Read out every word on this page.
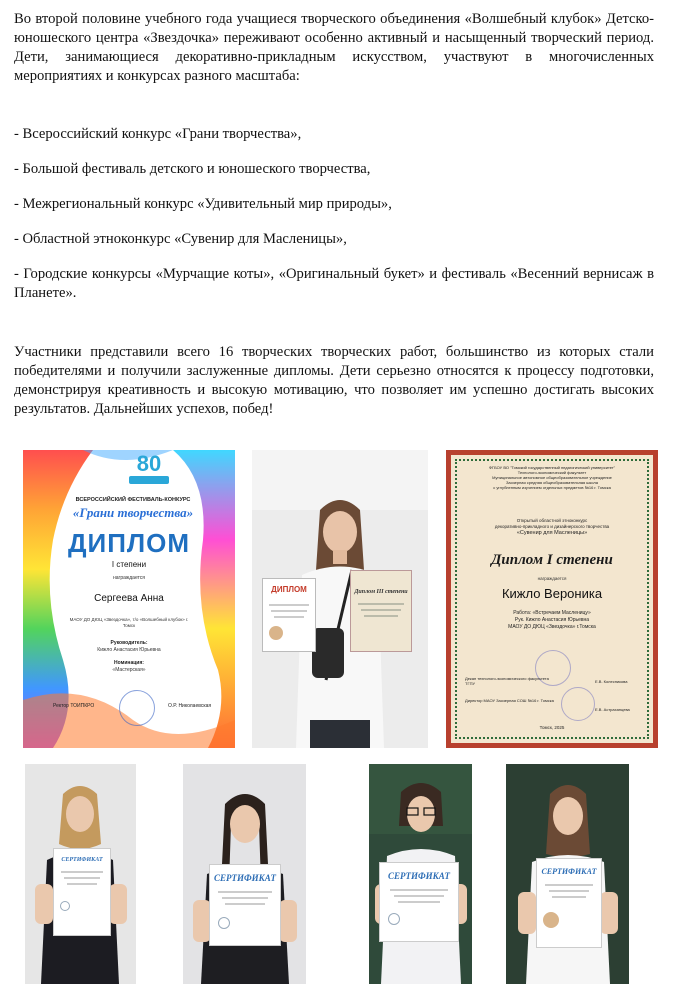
Во второй половине учебного года учащиеся творческого объединения «Волшебный клубок» Детско-юношеского центра «Звездочка» переживают особенно активный и насыщенный творческий период. Дети, занимающиеся декоративно-прикладным искусством, участвуют в многочисленных мероприятиях и конкурсах разного масштаба:
- Всероссийский конкурс «Грани творчества»,
- Большой фестиваль детского и юношеского творчества,
- Межрегиональный конкурс «Удивительный мир природы»,
- Областной этноконкурс «Сувенир для Масленицы»,
- Городские конкурсы «Мурчащие коты», «Оригинальный букет» и фестиваль «Весенний вернисаж в Планете».
Участники представили всего 16 творческих творческих работ, большинство из которых стали победителями и получили заслуженные дипломы. Дети серьезно относятся к процессу подготовки, демонстрируя креативность и высокую мотивацию, что позволяет им успешно достигать высоких результатов. Дальнейших успехов, побед!
80
ВСЕРОССИЙСКИЙ ФЕСТИВАЛЬ-КОНКУРС
«Грани творчества»
ДИПЛОМ
I степени
награждается
Сергеева Анна
МАОУ ДО ДЮЦ «Звездочка», т/о «Волшебный клубок» г. Томск
Руководитель:
Кижло Анастасия Юрьевна
Номинация:
«Мастерская»
Ректор ТОИПКРО	О.Р. Николаевская
ДИПЛОМ	Диплом III степени
ФГБОУ ВО "Томский государственный педагогический университет"
Технолого-экономический факультет
Муниципальное автономное общеобразовательное учреждение
Заозерная средняя общеобразовательная школа
с углубленным изучением отдельных предметов №16 г. Томска
Открытый областной этноконкурс
декоративно-прикладного и дизайнерского творчества
«Сувенир для Масленицы»
Диплом I степени
награждается
Кижло Вероника
Работа: «Встречаем Масленицу»
Рук. Кижло Анастасия Юрьевна
МАОУ ДО ДЮЦ «Звездочка» г.Томска
Декан технолого-экономического факультета ТГПУ	Е.В. Колесникова
Директор МАОУ Заозерная СОШ №16 г. Томска
Е.В. Астраханцева
Томск, 2025
СЕРТИФИКАТ
СЕРТИФИКАТ	СЕРТИФИКАТ	СЕРТИФИКАТ
